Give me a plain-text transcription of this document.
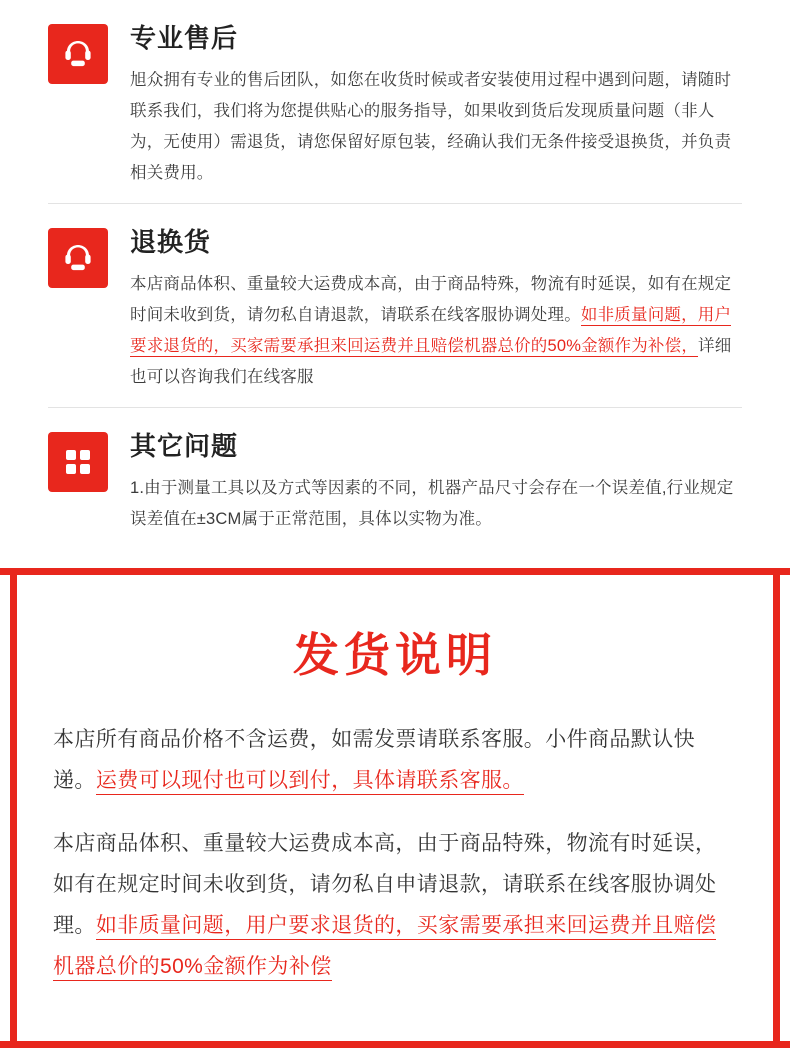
专业售后
旭众拥有专业的售后团队，如您在收货时候或者安装使用过程中遇到问题，请随时联系我们，我们将为您提供贴心的服务指导，如果收到货后发现质量问题（非人为，无使用）需退货，请您保留好原包装，经确认我们无条件接受退换货，并负责相关费用。
退换货
本店商品体积、重量较大运费成本高，由于商品特殊，物流有时延误，如有在规定时间未收到货，请勿私自请退款，请联系在线客服协调处理。如非质量问题，用户要求退货的，买家需要承担来回运费并且赔偿机器总价的50%金额作为补偿，详细也可以咨询我们在线客服
其它问题
1.由于测量工具以及方式等因素的不同，机器产品尺寸会存在一个误差值,行业规定误差值在±3CM属于正常范围，具体以实物为准。
发货说明
本店所有商品价格不含运费，如需发票请联系客服。小件商品默认快递。运费可以现付也可以到付，具体请联系客服。
本店商品体积、重量较大运费成本高，由于商品特殊，物流有时延误，如有在规定时间未收到货，请勿私自申请退款，请联系在线客服协调处理。如非质量问题，用户要求退货的，买家需要承担来回运费并且赔偿机器总价的50%金额作为补偿
